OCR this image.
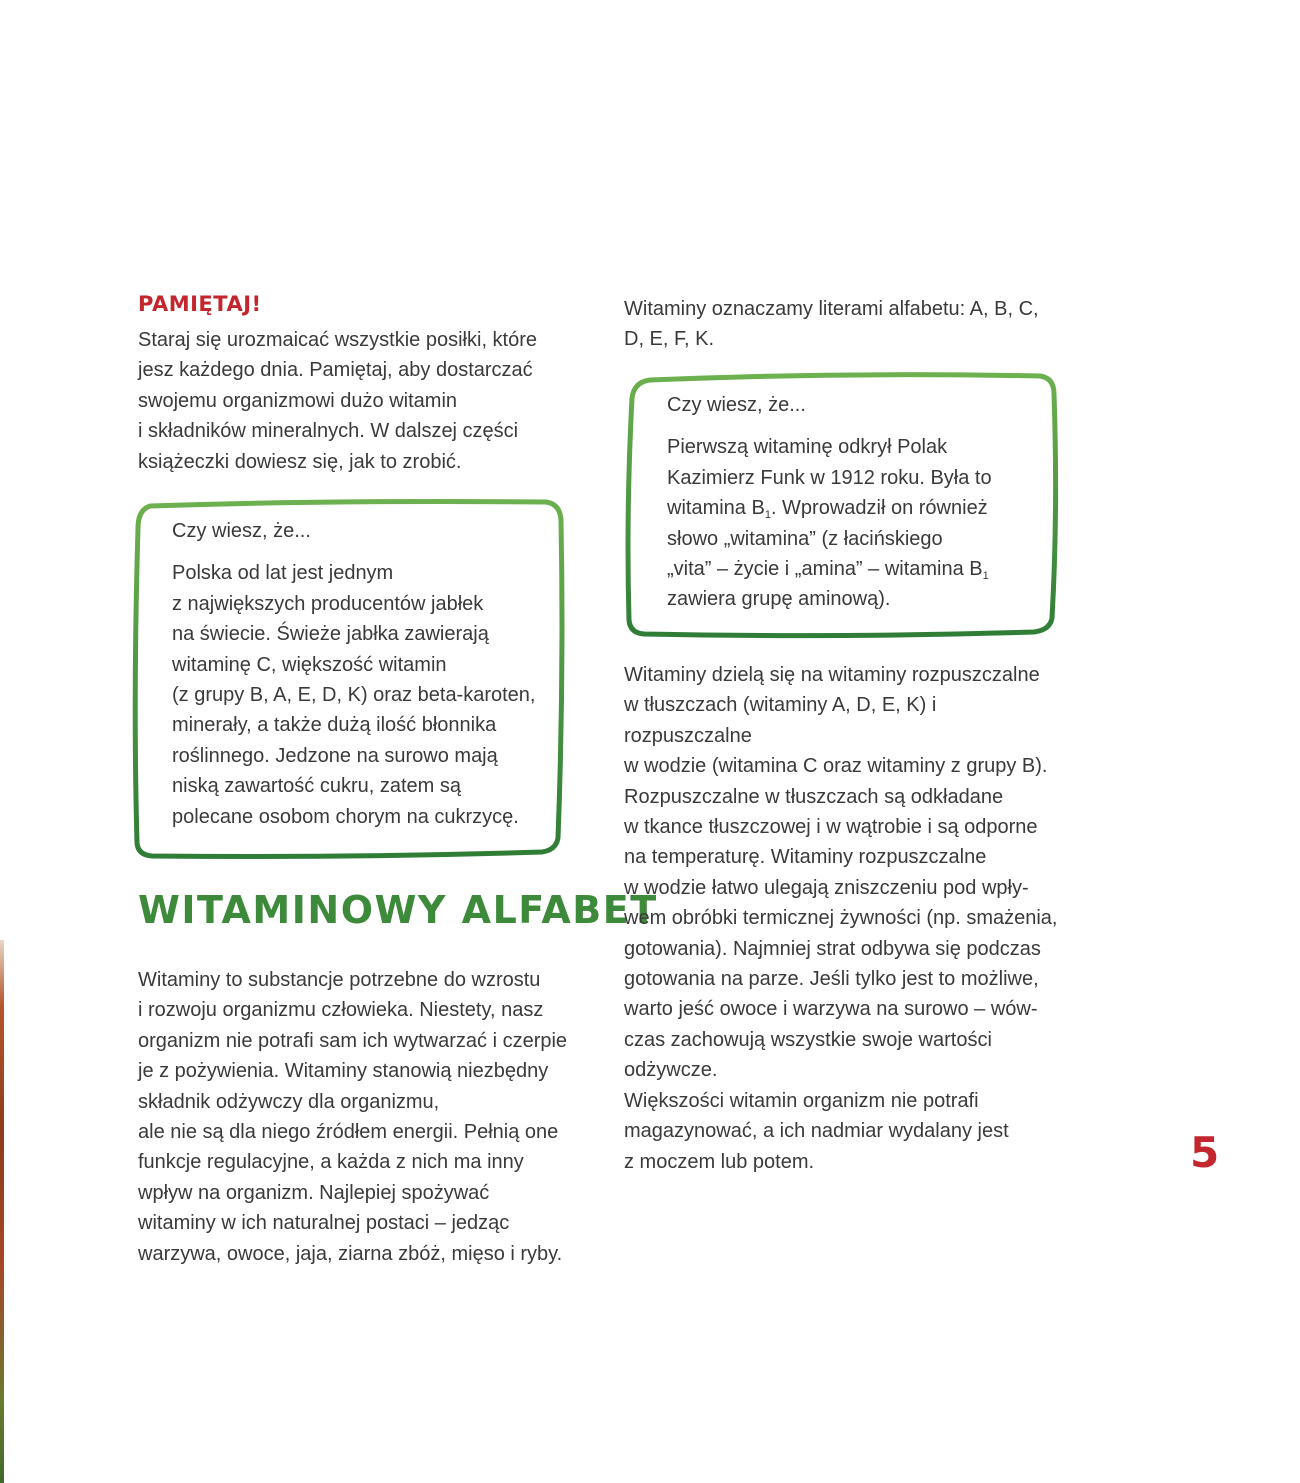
PAMIĘTAJ!

Staraj się urozmaicać wszystkie posiłki, które

jesz każdego dnia. Pamiętaj, aby dostarczać

swojemu organizmowi dużo witamin

i składników mineralnych. W dalszej części

książeczki dowiesz się, jak to zrobić.

Czy wiesz, że...

Polska od lat jest jednym

z największych producentów jabłek

na świecie. Świeże jabłka zawierają

witaminę C, większość witamin

(z grupy B, A, E, D, K) oraz beta-karoten,

minerały, a także dużą ilość błonnika

roślinnego. Jedzone na surowo mają

niską zawartość cukru, zatem są

polecane osobom chorym na cukrzycę.

WITAMINOWY ALFABET

Witaminy to substancje potrzebne do wzrostu

i rozwoju organizmu człowieka. Niestety, nasz

organizm nie potrafi sam ich wytwarzać i czerpie

je z pożywienia. Witaminy stanowią niezbędny

składnik odżywczy dla organizmu,

ale nie są dla niego źródłem energii. Pełnią one

funkcje regulacyjne, a każda z nich ma inny

wpływ na organizm. Najlepiej spożywać

witaminy w ich naturalnej postaci – jedząc

warzywa, owoce, jaja, ziarna zbóż, mięso i ryby.

Witaminy oznaczamy literami alfabetu: A, B, C,

D, E, F, K.

Czy wiesz, że...

Pierwszą witaminę odkrył Polak

Kazimierz Funk w 1912 roku. Była to

witamina $B_1$. Wprowadził on również

słowo „witamina” (z łacińskiego

„vita” – życie i „amina” – witamina $B_1$

zawiera grupę aminową).

Witaminy dzielą się na witaminy rozpuszczalne

w tłuszczach (witaminy A, D, E, K) i rozpuszczalne

w wodzie (witamina C oraz witaminy z grupy B).

Rozpuszczalne w tłuszczach są odkładane

w tkance tłuszczowej i w wątrobie i są odporne

na temperaturę. Witaminy rozpuszczalne

w wodzie łatwo ulegają zniszczeniu pod wpły-

wem obróbki termicznej żywności (np. smażenia,

gotowania). Najmniej strat odbywa się podczas

gotowania na parze. Jeśli tylko jest to możliwe,

warto jeść owoce i warzywa na surowo – wów-

czas zachowują wszystkie swoje wartości

odżywcze.

Większości witamin organizm nie potrafi

magazynować, a ich nadmiar wydalany jest

z moczem lub potem.	5
